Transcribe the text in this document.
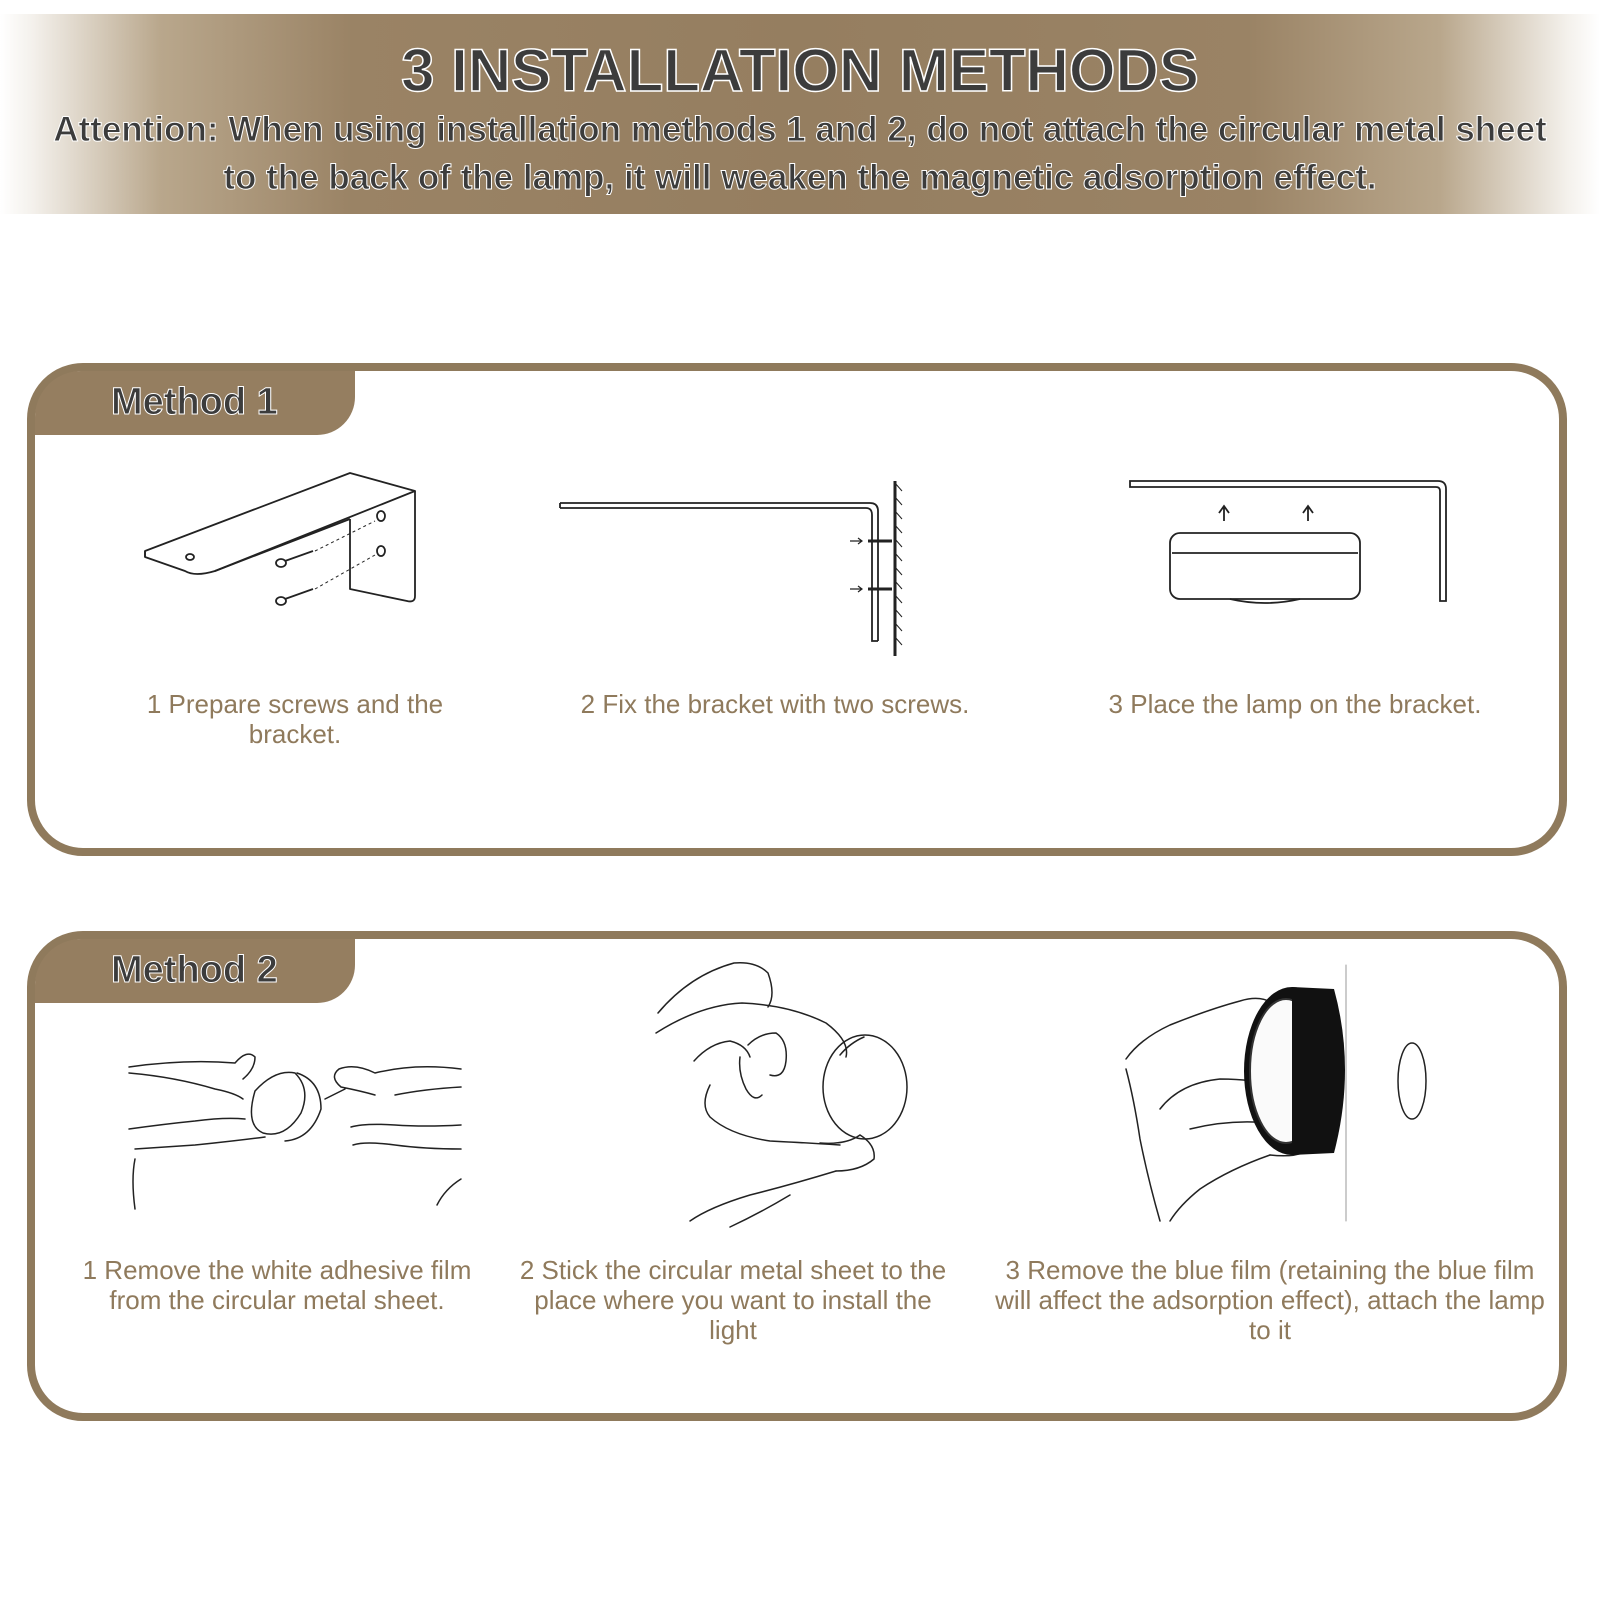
3 INSTALLATION METHODS
Attention: When using installation methods 1 and 2, do not attach the circular metal sheet to the back of the lamp, it will weaken the magnetic adsorption effect.
Method 1
1 Prepare screws and the bracket.
2 Fix the bracket with two screws.	3 Place the lamp on the bracket.
Method 2
1 Remove the white adhesive film from the circular metal sheet.
2 Stick the circular metal sheet to the place where you want to install the light
3 Remove the blue film (retaining the blue film will affect the adsorption effect), attach the lamp to it
